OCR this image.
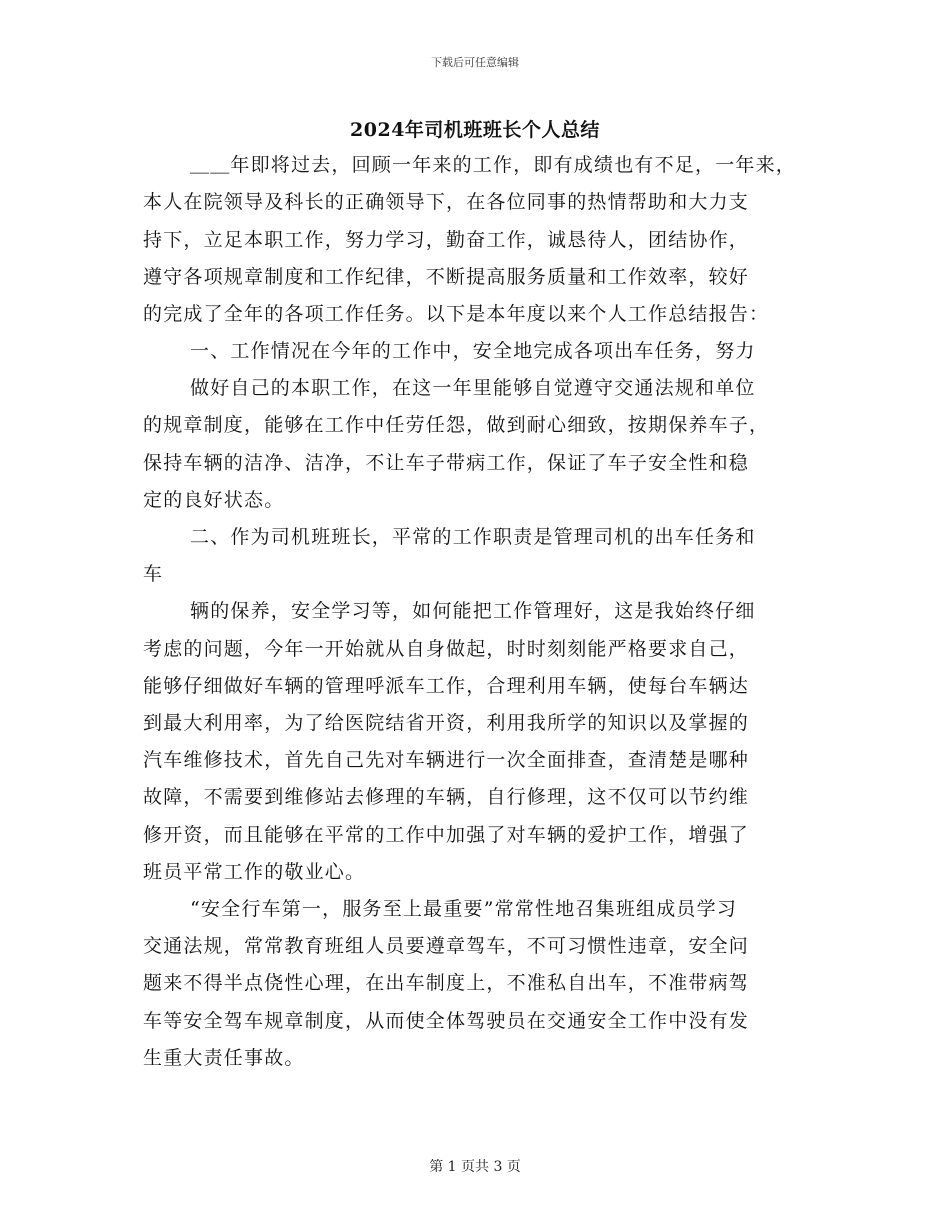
下载后可任意编辑
2024年司机班班长个人总结
＿＿年即将过去，回顾一年来的工作，即有成绩也有不足，一年来，
本人在院领导及科长的正确领导下，在各位同事的热情帮助和大力支
持下，立足本职工作，努力学习，勤奋工作，诚恳待人，团结协作，
遵守各项规章制度和工作纪律，不断提高服务质量和工作效率，较好
的完成了全年的各项工作任务。以下是本年度以来个人工作总结报告：
一、工作情况在今年的工作中，安全地完成各项出车任务，努力
做好自己的本职工作，在这一年里能够自觉遵守交通法规和单位
的规章制度，能够在工作中任劳任怨，做到耐心细致，按期保养车子，
保持车辆的洁净、洁净，不让车子带病工作，保证了车子安全性和稳
定的良好状态。
二、作为司机班班长，平常的工作职责是管理司机的出车任务和
车
辆的保养，安全学习等，如何能把工作管理好，这是我始终仔细
考虑的问题，今年一开始就从自身做起，时时刻刻能严格要求自己，
能够仔细做好车辆的管理呼派车工作，合理利用车辆，使每台车辆达
到最大利用率，为了给医院结省开资，利用我所学的知识以及掌握的
汽车维修技术，首先自己先对车辆进行一次全面排查，查清楚是哪种
故障，不需要到维修站去修理的车辆，自行修理，这不仅可以节约维
修开资，而且能够在平常的工作中加强了对车辆的爱护工作，增强了
班员平常工作的敬业心。
“安全行车第一，服务至上最重要”常常性地召集班组成员学习
交通法规，常常教育班组人员要遵章驾车，不可习惯性违章，安全问
题来不得半点侥性心理，在出车制度上，不准私自出车，不准带病驾
车等安全驾车规章制度，从而使全体驾驶员在交通安全工作中没有发
生重大责任事故。
第 1 页共 3 页
